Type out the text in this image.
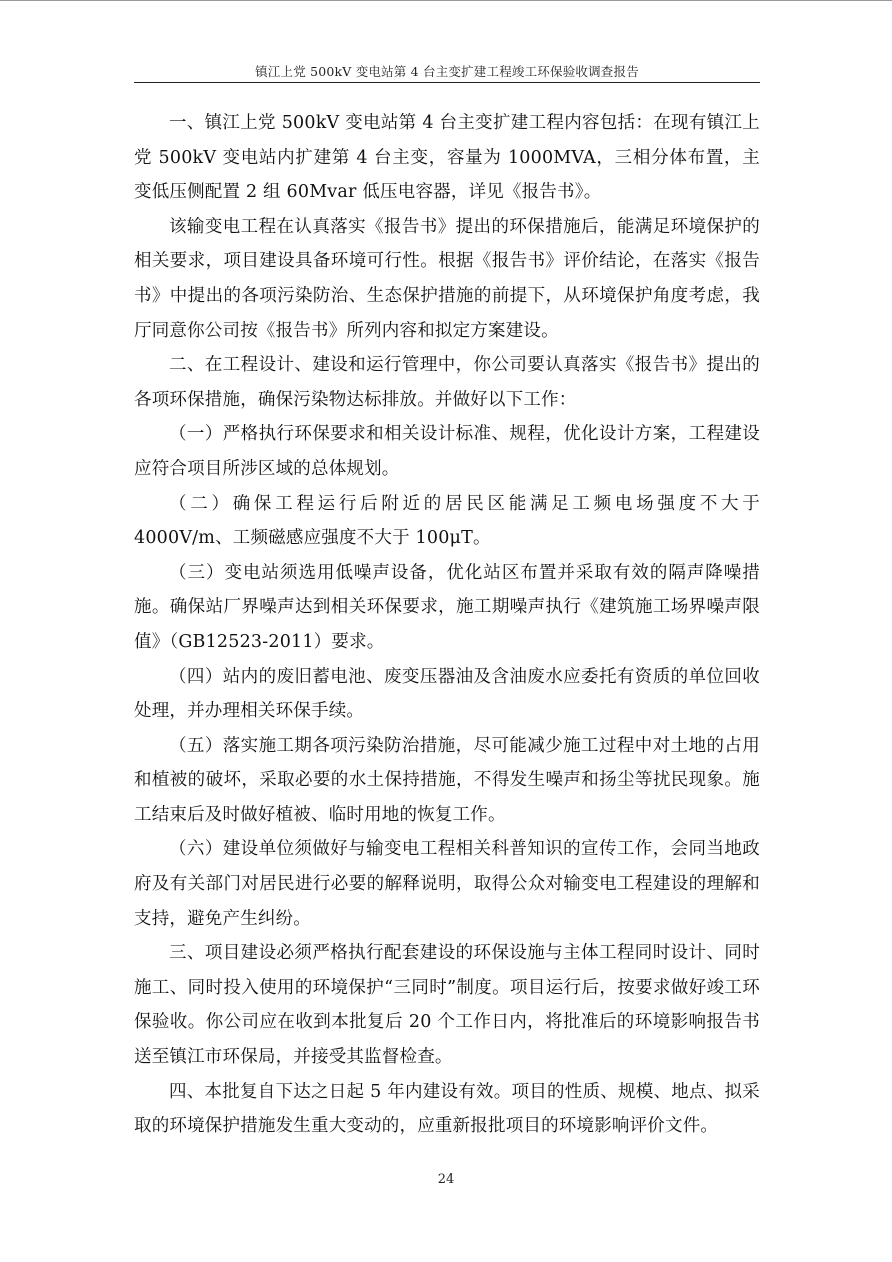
镇江上党 500kV 变电站第 4 台主变扩建工程竣工环保验收调查报告

一、镇江上党 500kV 变电站第 4 台主变扩建工程内容包括：在现有镇江上党 500kV 变电站内扩建第 4 台主变，容量为 1000MVA，三相分体布置，主变低压侧配置 2 组 60Mvar 低压电容器，详见《报告书》。

该输变电工程在认真落实《报告书》提出的环保措施后，能满足环境保护的相关要求，项目建设具备环境可行性。根据《报告书》评价结论，在落实《报告书》中提出的各项污染防治、生态保护措施的前提下，从环境保护角度考虑，我厅同意你公司按《报告书》所列内容和拟定方案建设。

二、在工程设计、建设和运行管理中，你公司要认真落实《报告书》提出的各项环保措施，确保污染物达标排放。并做好以下工作：

（一）严格执行环保要求和相关设计标准、规程，优化设计方案，工程建设应符合项目所涉区域的总体规划。

（二）确保工程运行后附近的居民区能满足工频电场强度不大于 4000V/m、工频磁感应强度不大于 100μT。

（三）变电站须选用低噪声设备，优化站区布置并采取有效的隔声降噪措施。确保站厂界噪声达到相关环保要求，施工期噪声执行《建筑施工场界噪声限值》（GB12523-2011）要求。

（四）站内的废旧蓄电池、废变压器油及含油废水应委托有资质的单位回收处理，并办理相关环保手续。

（五）落实施工期各项污染防治措施，尽可能减少施工过程中对土地的占用和植被的破坏，采取必要的水土保持措施，不得发生噪声和扬尘等扰民现象。施工结束后及时做好植被、临时用地的恢复工作。

（六）建设单位须做好与输变电工程相关科普知识的宣传工作，会同当地政府及有关部门对居民进行必要的解释说明，取得公众对输变电工程建设的理解和支持，避免产生纠纷。

三、项目建设必须严格执行配套建设的环保设施与主体工程同时设计、同时施工、同时投入使用的环境保护“三同时”制度。项目运行后，按要求做好竣工环保验收。你公司应在收到本批复后 20 个工作日内，将批准后的环境影响报告书送至镇江市环保局，并接受其监督检查。

四、本批复自下达之日起 5 年内建设有效。项目的性质、规模、地点、拟采取的环境保护措施发生重大变动的，应重新报批项目的环境影响评价文件。

24
